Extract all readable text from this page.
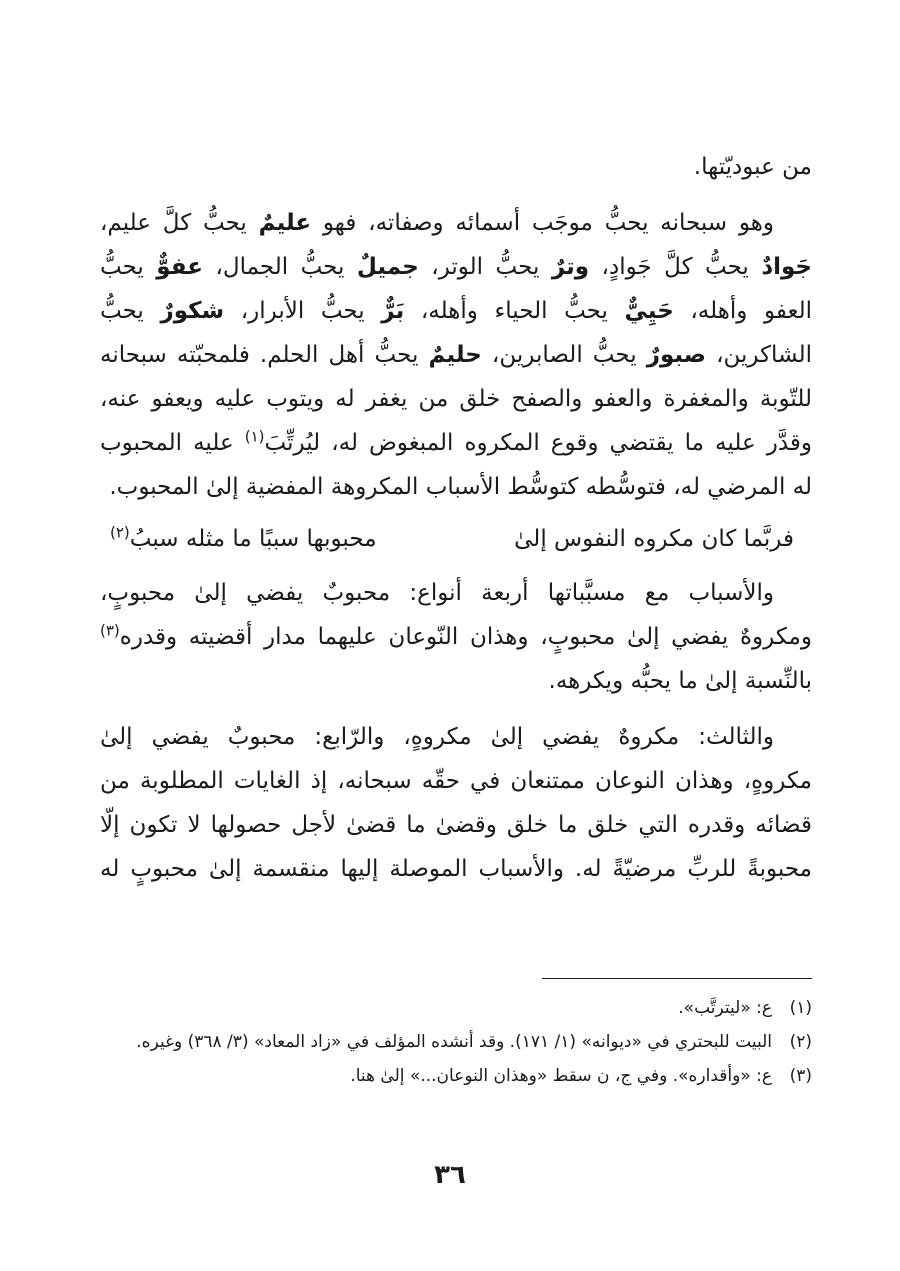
من عبوديّتها.
وهو سبحانه يحبُّ موجَب أسمائه وصفاته، فهو عليمٌ يحبُّ كلَّ عليم،
جَوادٌ يحبُّ كلَّ جَوادٍ، وترٌ يحبُّ الوتر، جميلٌ يحبُّ الجمال، عفوٌّ يحبُّ
العفو وأهله، حَيِيٌّ يحبُّ الحياء وأهله، بَرٌّ يحبُّ الأبرار، شكورٌ يحبُّ
الشاكرين، صبورٌ يحبُّ الصابرين، حليمٌ يحبُّ أهل الحلم. فلمحبّته سبحانه
للتّوبة والمغفرة والعفو والصفح خلق من يغفر له ويتوب عليه ويعفو عنه،
وقدَّر عليه ما يقتضي وقوع المكروه المبغوض له، ليُرتِّبَ$^{(١)}$ عليه المحبوب
له المرضي له، فتوسُّطه كتوسُّط الأسباب المكروهة المفضية إلىٰ المحبوب.
فربَّما كان مكروه النفوس إلىٰ
محبوبها سببًا ما مثله سببُ$^{(٢)}$
والأسباب مع مسبَّباتها أربعة أنواع: محبوبٌ يفضي إلىٰ محبوبٍ،
ومكروهٌ يفضي إلىٰ محبوبٍ، وهذان النّوعان عليهما مدار أقضيته وقدره$^{(٣)}$
بالنِّسبة إلىٰ ما يحبُّه ويكرهه.
والثالث: مكروهٌ يفضي إلىٰ مكروهٍ، والرّابع: محبوبٌ يفضي إلىٰ
مكروهٍ، وهذان النوعان ممتنعان في حقّه سبحانه، إذ الغايات المطلوبة من
قضائه وقدره التي خلق ما خلق وقضىٰ ما قضىٰ لأجل حصولها لا تكون إلّا
محبوبةً للربِّ مرضيّةً له. والأسباب الموصلة إليها منقسمة إلىٰ محبوبٍ له
(١)
ع: «ليترتَّب».
(٢)
البيت للبحتري في «ديوانه» (١/ ١٧١). وقد أنشده المؤلف في «زاد المعاد» (٣/ ٣٦٨) وغيره.
(٣)
ع: «وأقداره». وفي ج، ن سقط «وهذان النوعان...» إلىٰ هنا.
٣٦
